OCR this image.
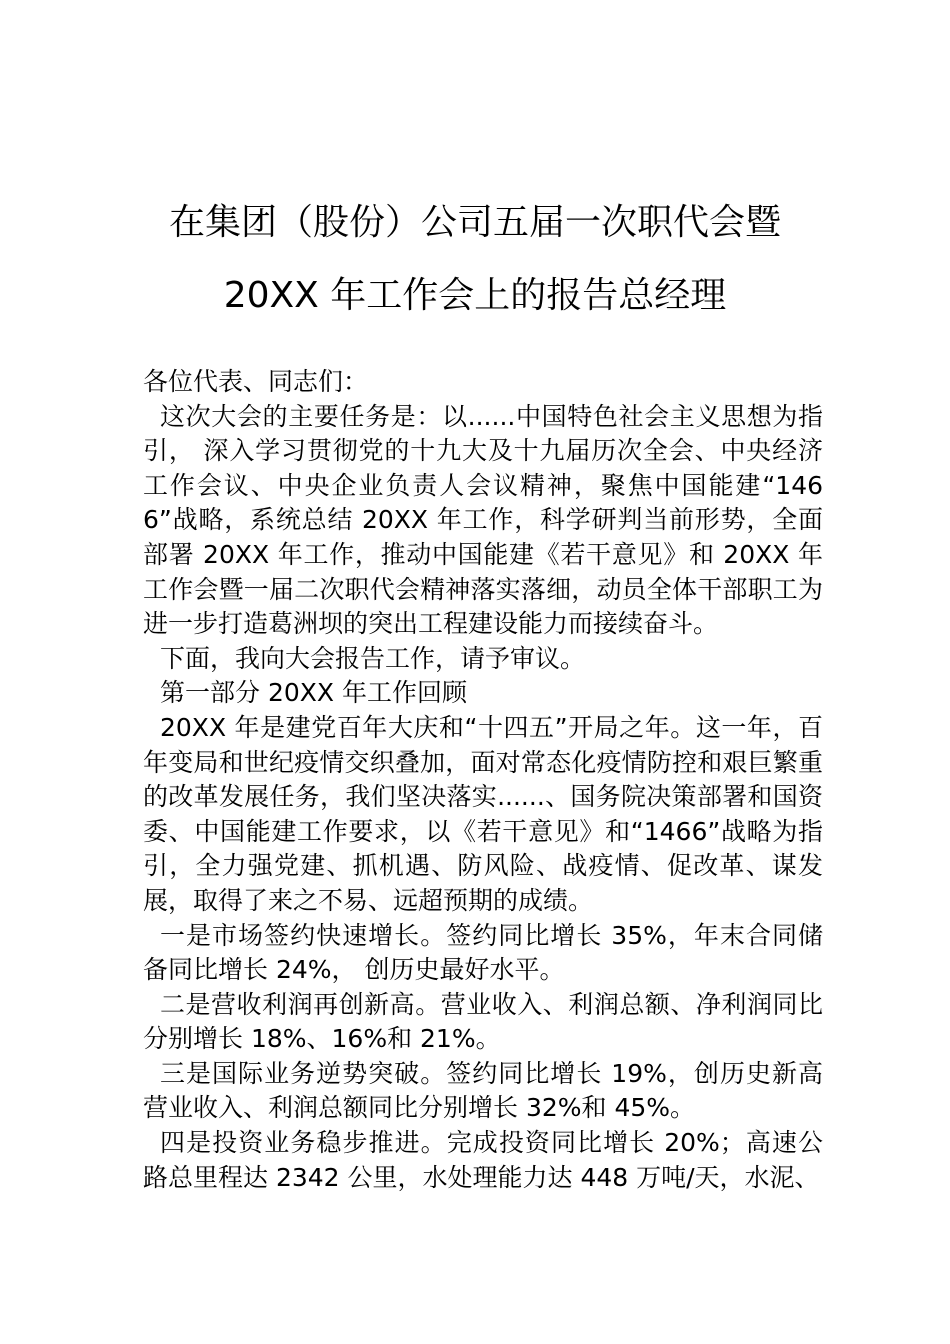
在集团（股份）公司五届一次职代会暨
20XX 年工作会上的报告总经理

各位代表、同志们：

这次大会的主要任务是：以......中国特色社会主义思想为指引， 深入学习贯彻党的十九大及十九届历次全会、中央经济工作会议、中央企业负责人会议精神，聚焦中国能建“1466”战略，系统总结 20XX 年工作，科学研判当前形势，全面部署 20XX 年工作，推动中国能建《若干意见》和 20XX 年工作会暨一届二次职代会精神落实落细，动员全体干部职工为进一步打造葛洲坝的突出工程建设能力而接续奋斗。

下面，我向大会报告工作，请予审议。

第一部分 20XX 年工作回顾

20XX 年是建党百年大庆和“十四五”开局之年。这一年，百年变局和世纪疫情交织叠加，面对常态化疫情防控和艰巨繁重的改革发展任务，我们坚决落实......、国务院决策部署和国资委、中国能建工作要求，以《若干意见》和“1466”战略为指引，全力强党建、抓机遇、防风险、战疫情、促改革、谋发展，取得了来之不易、远超预期的成绩。

一是市场签约快速增长。签约同比增长 35%，年末合同储备同比增长 24%， 创历史最好水平。

二是营收利润再创新高。营业收入、利润总额、净利润同比分别增长 18%、16%和 21%。

三是国际业务逆势突破。签约同比增长 19%，创历史新高营业收入、利润总额同比分别增长 32%和 45%。

四是投资业务稳步推进。完成投资同比增长 20%；高速公路总里程达 2342 公里，水处理能力达 448 万吨/天，水泥、
